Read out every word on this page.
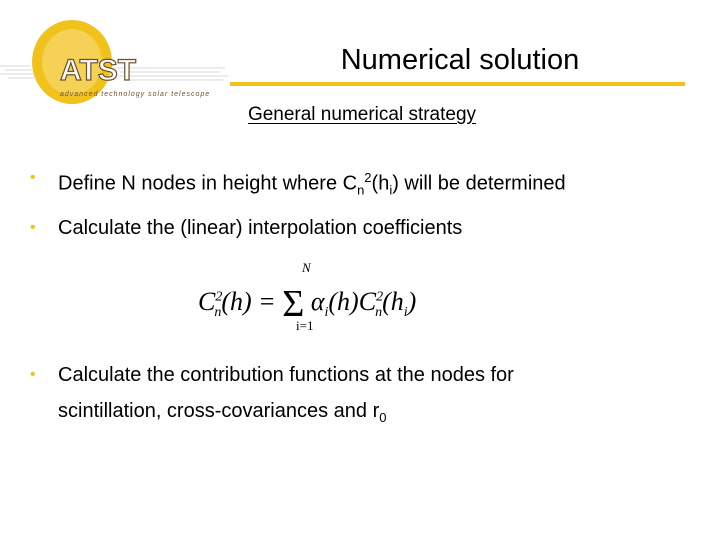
ATST
advanced technology solar telescope
Numerical solution
General numerical strategy
• Define N nodes in height where $C_n^2(h_i)$ will be determined
• Calculate the (linear) interpolation coefficients
N
$C^2_n(h) = \Sigma$ $\alpha_i(h)C^2_n(h_i)$
i=1
• Calculate the contribution functions at the nodes for
scintillation, cross-covariances and $r_0$
